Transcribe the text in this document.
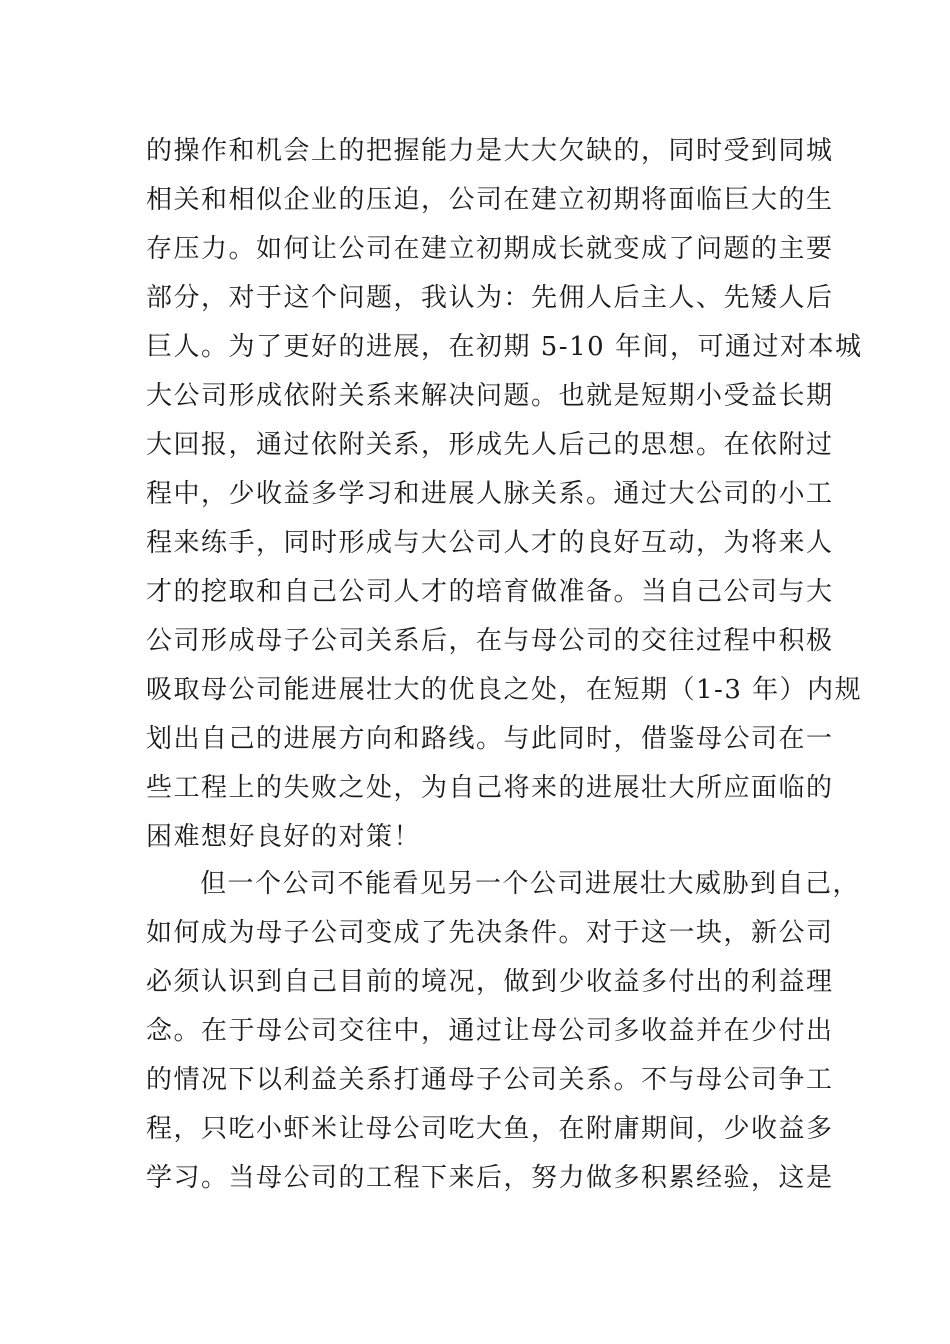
的操作和机会上的把握能力是大大欠缺的，同时受到同城
相关和相似企业的压迫，公司在建立初期将面临巨大的生
存压力。如何让公司在建立初期成长就变成了问题的主要
部分，对于这个问题，我认为：先佣人后主人、先矮人后
巨人。为了更好的进展，在初期 5-10 年间，可通过对本城
大公司形成依附关系来解决问题。也就是短期小受益长期
大回报，通过依附关系，形成先人后己的思想。在依附过
程中，少收益多学习和进展人脉关系。通过大公司的小工
程来练手，同时形成与大公司人才的良好互动，为将来人
才的挖取和自己公司人才的培育做准备。当自己公司与大
公司形成母子公司关系后，在与母公司的交往过程中积极
吸取母公司能进展壮大的优良之处，在短期（1-3 年）内规
划出自己的进展方向和路线。与此同时，借鉴母公司在一
些工程上的失败之处，为自己将来的进展壮大所应面临的
困难想好良好的对策！
但一个公司不能看见另一个公司进展壮大威胁到自己，
如何成为母子公司变成了先决条件。对于这一块，新公司
必须认识到自己目前的境况，做到少收益多付出的利益理
念。在于母公司交往中，通过让母公司多收益并在少付出
的情况下以利益关系打通母子公司关系。不与母公司争工
程，只吃小虾米让母公司吃大鱼，在附庸期间，少收益多
学习。当母公司的工程下来后，努力做多积累经验，这是
